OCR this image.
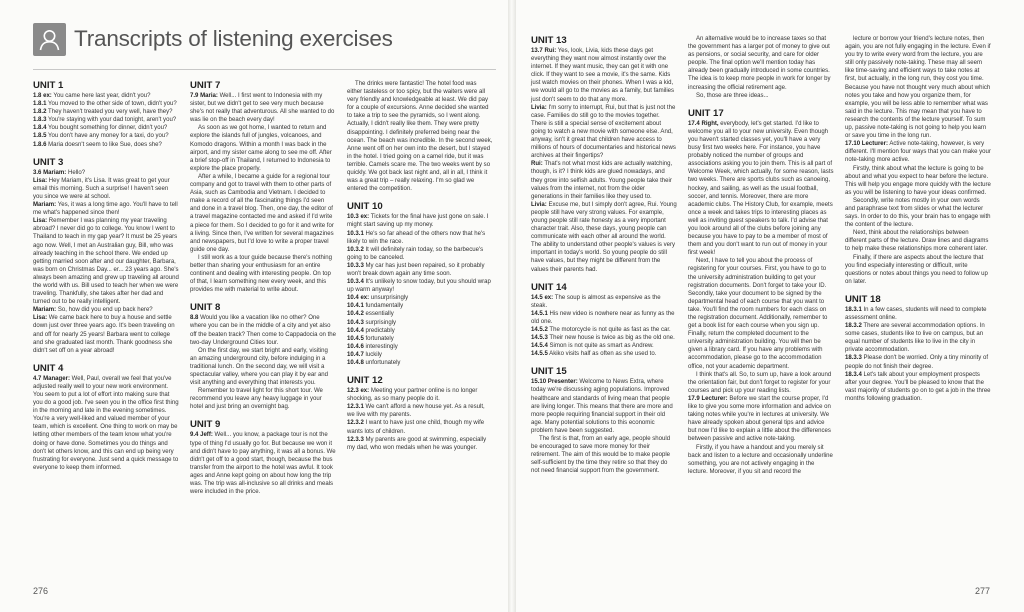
Transcripts of listening exercises
UNIT 1

1.8 ex: You came here last year, didn't you?

1.8.1 You moved to the other side of town, didn't you?

1.8.2 They haven't treated you very well, have they?

1.8.3 You're staying with your dad tonight, aren't you?

1.8.4 You bought something for dinner, didn't you?

1.8.5 You don't have any money for a taxi, do you?

1.8.6 Maria doesn't seem to like Sue, does she?

UNIT 3

3.6 Mariam: Hello?

Lisa: Hey Mariam, it's Lisa. It was great to get your email this morning. Such a surprise! I haven't seen you since we were at school.

Mariam: Yes, it was a long time ago. You'll have to tell me what's happened since then!

Lisa: Remember I was planning my year traveling abroad? I never did go to college. You know I went to Thailand to teach in my gap year? It must be 25 years ago now. Well, I met an Australian guy, Bill, who was already teaching in the school there. We ended up getting married soon after and our daughter, Barbara, was born on Christmas Day... er... 23 years ago. She's always been amazing and grew up traveling all around the world with us. Bill used to teach her when we were traveling. Thankfully, she takes after her dad and turned out to be really intelligent.

Mariam: So, how did you end up back here?

Lisa: We came back here to buy a house and settle down just over three years ago. It's been traveling on and off for nearly 25 years! Barbara went to college and she graduated last month. Thank goodness she didn't set off on a year abroad!

UNIT 4

4.7 Manager: Well, Paul, overall we feel that you've adjusted really well to your new work environment. You seem to put a lot of effort into making sure that you do a good job. I've seen you in the office first thing in the morning and late in the evening sometimes. You're a very well-liked and valued member of your team, which is excellent. One thing to work on may be letting other members of the team know what you're doing or have done. Sometimes you do things and don't let others know, and this can end up being very frustrating for everyone. Just send a quick message to everyone to keep them informed.

UNIT 7

7.9 Maria: Well... I first went to Indonesia with my sister, but we didn't get to see very much because she's not really that adventurous. All she wanted to do was lie on the beach every day!

As soon as we got home, I wanted to return and explore the islands full of jungles, volcanoes, and Komodo dragons. Within a month I was back in the airport, and my sister came along to see me off. After a brief stop-off in Thailand, I returned to Indonesia to explore the place properly.

After a while, I became a guide for a regional tour company and got to travel with them to other parts of Asia, such as Cambodia and Vietnam. I decided to make a record of all the fascinating things I'd seen and done in a travel blog. Then, one day, the editor of a travel magazine contacted me and asked if I'd write a piece for them. So I decided to go for it and write for a living. Since then, I've written for several magazines and newspapers, but I'd love to write a proper travel guide one day.

I still work as a tour guide because there's nothing better than sharing your enthusiasm for an entire continent and dealing with interesting people. On top of that, I learn something new every week, and this provides me with material to write about.

UNIT 8

8.8 Would you like a vacation like no other? One where you can be in the middle of a city and yet also off the beaten track? Then come to Cappadocia on the two-day Underground Cities tour.

On the first day, we start bright and early, visiting an amazing underground city, before indulging in a traditional lunch. On the second day, we will visit a spectacular valley, where you can play it by ear and visit anything and everything that interests you.

Remember to travel light for this short tour. We recommend you leave any heavy luggage in your hotel and just bring an overnight bag.

UNIT 9

9.4 Jeff: Well... you know, a package tour is not the type of thing I'd usually go for. But because we won it and didn't have to pay anything, it was all a bonus. We didn't get off to a good start, though, because the bus transfer from the airport to the hotel was awful. It took ages and Anne kept going on about how long the trip was. The trip was all-inclusive so all drinks and meals were included in the price.

The drinks were fantastic! The hotel food was either tasteless or too spicy, but the waiters were all very friendly and knowledgeable at least. We did pay for a couple of excursions. Anne decided she wanted to take a trip to see the pyramids, so I went along. Actually, I didn't really like them. They were pretty disappointing. I definitely preferred being near the ocean. The beach was incredible. In the second week, Anne went off on her own into the desert, but I stayed in the hotel. I tried going on a camel ride, but it was terrible. Camels scare me. The two weeks went by so quickly. We got back last night and, all in all, I think it was a great trip – really relaxing. I'm so glad we entered the competition.

UNIT 10

10.3 ex: Tickets for the final have just gone on sale. I might start saving up my money.

10.3.1 He's so far ahead of the others now that he's likely to win the race.

10.3.2 It will definitely rain today, so the barbecue's going to be canceled.

10.3.3 My car has just been repaired, so it probably won't break down again any time soon.

10.3.4 It's unlikely to snow today, but you should wrap up warm anyway!

10.4 ex: unsurprisingly

10.4.1 fundamentally

10.4.2 essentially

10.4.3 surprisingly

10.4.4 predictably

10.4.5 fortunately

10.4.6 interestingly

10.4.7 luckily

10.4.8 unfortunately

UNIT 12

12.3 ex: Meeting your partner online is no longer shocking, as so many people do it.

12.3.1 We can't afford a new house yet. As a result, we live with my parents.

12.3.2 I want to have just one child, though my wife wants lots of children.

12.3.3 My parents are good at swimming, especially my dad, who won medals when he was younger.

UNIT 13

13.7 Rui: Yes, look, Livia, kids these days get everything they want now almost instantly over the internet. If they want music, they can get it with one click. If they want to see a movie, it's the same. Kids just watch movies on their phones. When I was a kid, we would all go to the movies as a family, but families just don't seem to do that any more.

Livia: I'm sorry to interrupt, Rui, but that is just not the case. Families do still go to the movies together. There is still a special sense of excitement about going to watch a new movie with someone else. And, anyway, isn't it great that children have access to millions of hours of documentaries and historical news archives at their fingertips?

Rui: That's not what most kids are actually watching, though, is it? I think kids are glued nowadays, and they grow into selfish adults. Young people take their values from the internet, not from the older generations in their families like they used to.

Livia: Excuse me, but I simply don't agree, Rui. Young people still have very strong values. For example, young people still rate honesty as a very important character trait. Also, these days, young people can communicate with each other all around the world. The ability to understand other people's values is very important in today's world. So young people do still have values, but they might be different from the values their parents had.

UNIT 14

14.5 ex: The soup is almost as expensive as the steak.

14.5.1 His new video is nowhere near as funny as the old one.

14.5.2 The motorcycle is not quite as fast as the car.

14.5.3 Their new house is twice as big as the old one.

14.5.4 Simon is not quite as smart as Andrew.

14.5.5 Akiko visits half as often as she used to.

UNIT 15

15.10 Presenter: Welcome to News Extra, where today we're discussing aging populations. Improved healthcare and standards of living mean that people are living longer. This means that there are more and more people requiring financial support in their old age. Many potential solutions to this economic problem have been suggested.

The first is that, from an early age, people should be encouraged to save more money for their retirement. The aim of this would be to make people self-sufficient by the time they retire so that they do not need financial support from the government.

An alternative would be to increase taxes so that the government has a larger pot of money to give out as pensions, or social security, and care for older people. The final option we'll mention today has already been gradually introduced in some countries. The idea is to keep more people in work for longer by increasing the official retirement age.

So, those are three ideas...

UNIT 17

17.4 Right, everybody, let's get started. I'd like to welcome you all to your new university. Even though you haven't started classes yet, you'll have a very busy first two weeks here. For instance, you have probably noticed the number of groups and associations asking you to join them. This is all part of Welcome Week, which actually, for some reason, lasts two weeks. There are sports clubs such as canoeing, hockey, and sailing, as well as the usual football, soccer, and tennis. Moreover, there are more academic clubs. The History Club, for example, meets once a week and takes trips to interesting places as well as inviting guest speakers to talk. I'd advise that you look around all of the clubs before joining any because you have to pay to be a member of most of them and you don't want to run out of money in your first week!

Next, I have to tell you about the process of registering for your courses. First, you have to go to the university administration building to get your registration documents. Don't forget to take your ID. Secondly, take your document to be signed by the departmental head of each course that you want to take. You'll find the room numbers for each class on the registration document. Additionally, remember to get a book list for each course when you sign up. Finally, return the completed document to the university administration building. You will then be given a library card. If you have any problems with accommodation, please go to the accommodation office, not your academic department.

I think that's all. So, to sum up, have a look around the orientation fair, but don't forget to register for your courses and pick up your reading lists.

17.9 Lecturer: Before we start the course proper, I'd like to give you some more information and advice on taking notes while you're in lectures at university. We have already spoken about general tips and advice but now I'd like to explain a little about the differences between passive and active note-taking.

Firstly, if you have a handout and you merely sit back and listen to a lecture and occasionally underline something, you are not actively engaging in the lecture. Moreover, if you sit and record the

lecture or borrow your friend's lecture notes, then again, you are not fully engaging in the lecture. Even if you try to write every word from the lecture, you are still only passively note-taking. These may all seem like time-saving and efficient ways to take notes at first, but actually, in the long run, they cost you time. Because you have not thought very much about which notes you take and how you organize them, for example, you will be less able to remember what was said in the lecture. This may mean that you have to research the contents of the lecture yourself. To sum up, passive note-taking is not going to help you learn or save you time in the long run.

17.10 Lecturer: Active note-taking, however, is very different. I'll mention four ways that you can make your note-taking more active.

Firstly, think about what the lecture is going to be about and what you expect to hear before the lecture. This will help you engage more quickly with the lecture as you will be listening to have your ideas confirmed.

Secondly, write notes mostly in your own words and paraphrase text from slides or what the lecturer says. In order to do this, your brain has to engage with the content of the lecture.

Next, think about the relationships between different parts of the lecture. Draw lines and diagrams to help make these relationships more coherent later.

Finally, if there are aspects about the lecture that you find especially interesting or difficult, write questions or notes about things you need to follow up on later.

UNIT 18

18.3.1 In a few cases, students will need to complete assessment online.

18.3.2 There are several accommodation options. In some cases, students like to live on campus, but an equal number of students like to live in the city in private accommodation.

18.3.3 Please don't be worried. Only a tiny minority of people do not finish their degree.

18.3.4 Let's talk about your employment prospects after your degree. You'll be pleased to know that the vast majority of students go on to get a job in the three months following graduation.

276	277
